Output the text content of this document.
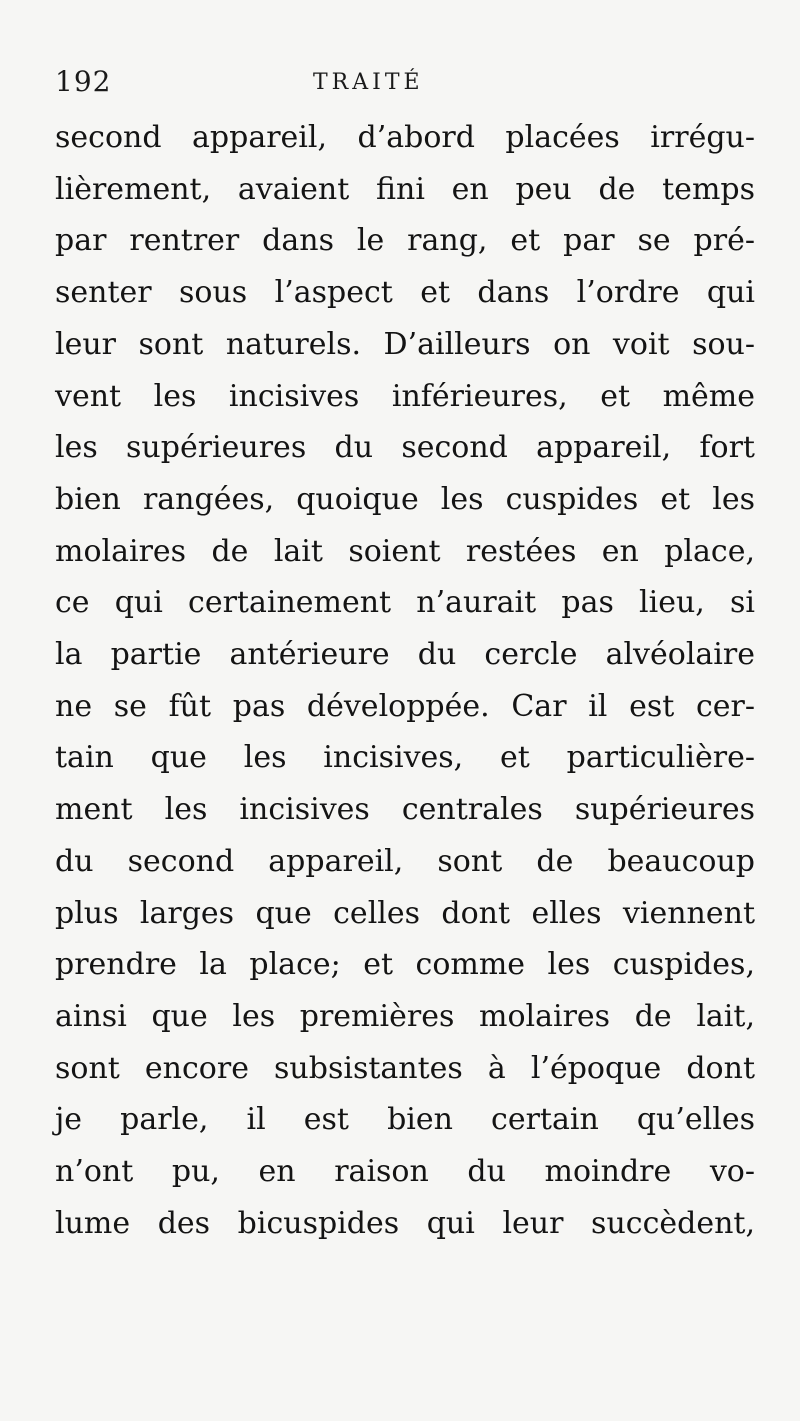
192	TRAITÉ
second appareil, d’abord placées irrégu-
lièrement, avaient fini en peu de temps
par rentrer dans le rang, et par se pré-
senter sous l’aspect et dans l’ordre qui
leur sont naturels. D’ailleurs on voit sou-
vent les incisives inférieures, et même
les supérieures du second appareil, fort
bien rangées, quoique les cuspides et les
molaires de lait soient restées en place,
ce qui certainement n’aurait pas lieu, si
la partie antérieure du cercle alvéolaire
ne se fût pas développée. Car il est cer-
tain que les incisives, et particulière-
ment les incisives centrales supérieures
du second appareil, sont de beaucoup
plus larges que celles dont elles viennent
prendre la place; et comme les cuspides,
ainsi que les premières molaires de lait,
sont encore subsistantes à l’époque dont
je parle, il est bien certain qu’elles
n’ont pu, en raison du moindre vo-
lume des bicuspides qui leur succèdent,
